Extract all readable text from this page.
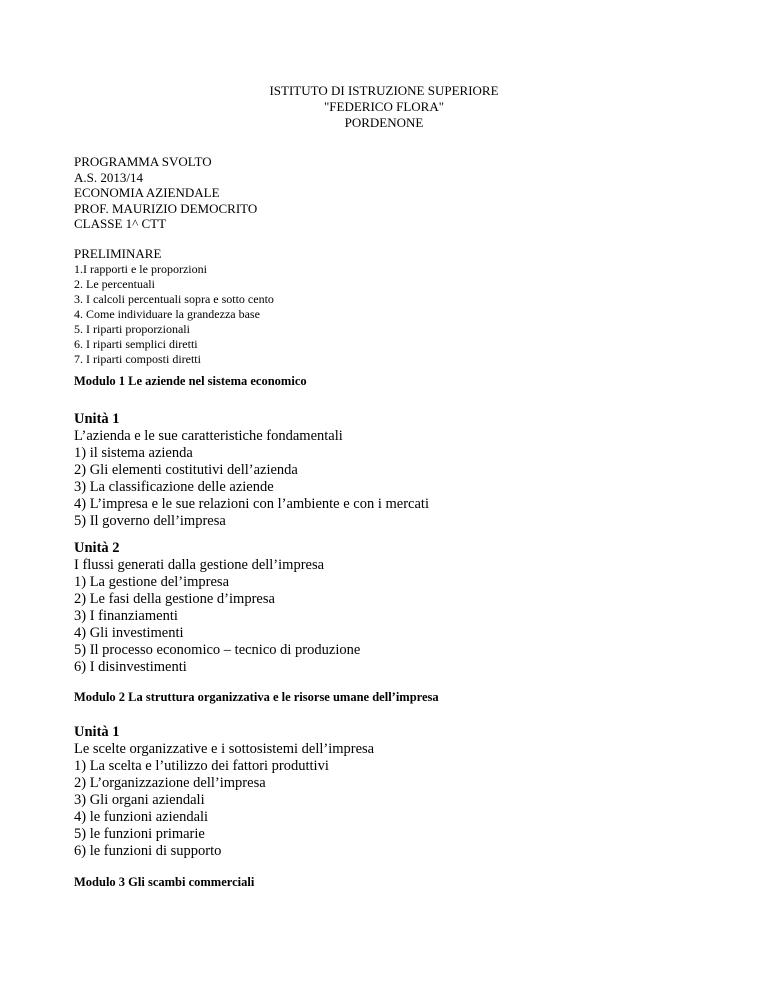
ISTITUTO DI ISTRUZIONE SUPERIORE
"FEDERICO FLORA"
PORDENONE
PROGRAMMA SVOLTO
A.S. 2013/14
ECONOMIA AZIENDALE
PROF. MAURIZIO DEMOCRITO
CLASSE 1^ CTT
PRELIMINARE
1.I rapporti e le proporzioni
2. Le percentuali
3. I calcoli percentuali sopra e sotto cento
4. Come individuare la grandezza base
5. I riparti proporzionali
6. I riparti semplici diretti
7. I riparti composti diretti
Modulo 1 Le aziende nel sistema economico
Unità 1
L’azienda e le sue caratteristiche fondamentali
1) il sistema azienda
2) Gli elementi costitutivi dell’azienda
3) La classificazione delle aziende
4) L’impresa e le sue relazioni con l’ambiente e con i mercati
5) Il governo dell’impresa
Unità 2
I flussi generati dalla gestione dell’impresa
1) La gestione del’impresa
2) Le fasi della gestione d’impresa
3) I finanziamenti
4) Gli investimenti
5) Il processo economico – tecnico di produzione
6) I disinvestimenti
Modulo 2 La struttura organizzativa e le risorse umane dell’impresa
Unità 1
Le scelte organizzative e i sottosistemi dell’impresa
1) La scelta e l’utilizzo dei fattori produttivi
2) L’organizzazione dell’impresa
3) Gli organi aziendali
4) le funzioni aziendali
5) le funzioni primarie
6) le funzioni di supporto
Modulo 3 Gli scambi commerciali
